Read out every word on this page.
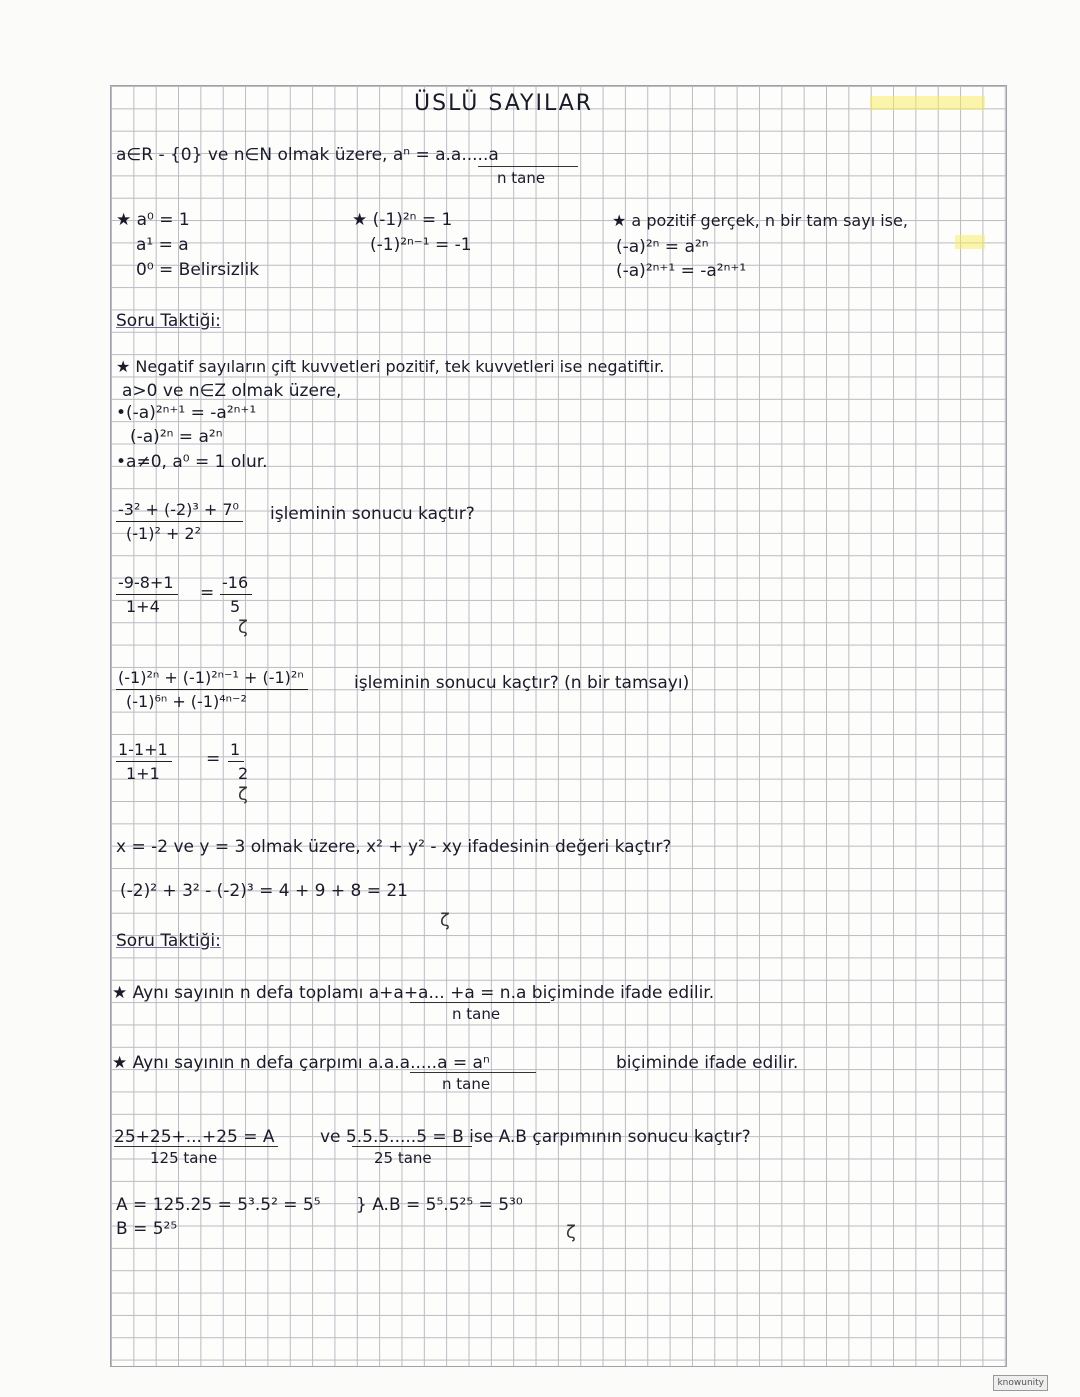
ÜSLÜ SAYILAR
a∈R - {0} ve n∈N olmak üzere, aⁿ = a.a.....a
n tane
★ a⁰ = 1
a¹ = a
0⁰ = Belirsizlik
★ (-1)²ⁿ = 1
(-1)²ⁿ⁻¹ = -1
★ a pozitif gerçek, n bir tam sayı ise,
(-a)²ⁿ = a²ⁿ
(-a)²ⁿ⁺¹ = -a²ⁿ⁺¹
Soru Taktiği:
★ Negatif sayıların çift kuvvetleri pozitif, tek kuvvetleri ise negatiftir.
a>0 ve n∈Z olmak üzere,
•(-a)²ⁿ⁺¹ = -a²ⁿ⁺¹
(-a)²ⁿ = a²ⁿ
•a≠0, a⁰ = 1 olur.
$\frac{\text{-3² + (-2)³ + 7⁰}}{\text{(-1)² + 2²}}$ işleminin sonucu kaçtır?
$\frac{-9-8+1}{1+4} = \frac{-16}{5}$
ζ
$\frac{\text{(-1)²ⁿ + (-1)²ⁿ⁻¹ + (-1)²ⁿ}}{\text{(-1)⁶ⁿ + (-1)⁴ⁿ⁻²}}$	işleminin sonucu kaçtır? (n bir tamsayı)
$\frac{1-1+1}{1+1} = \frac{1}{2}$
ζ
x = -2 ve y = 3 olmak üzere, x² + y² - xy ifadesinin değeri kaçtır?
(-2)² + 3² - (-2)³ = 4 + 9 + 8 = 21
ζ
Soru Taktiği:
★ Aynı sayının n defa toplamı a+a+a... +a = n.a biçiminde ifade edilir.
n tane
★ Aynı sayının n defa çarpımı a.a.a.....a = aⁿ	biçiminde ifade edilir.
n tane
25+25+...+25 = A
125 tane
ve 5.5.5.....5 = B ise A.B çarpımının sonucu kaçtır?
25 tane
A = 125.25 = 5³.5² = 5⁵
B = 5²⁵
} A.B = 5⁵.5²⁵ = 5³⁰
ζ
knowunity
